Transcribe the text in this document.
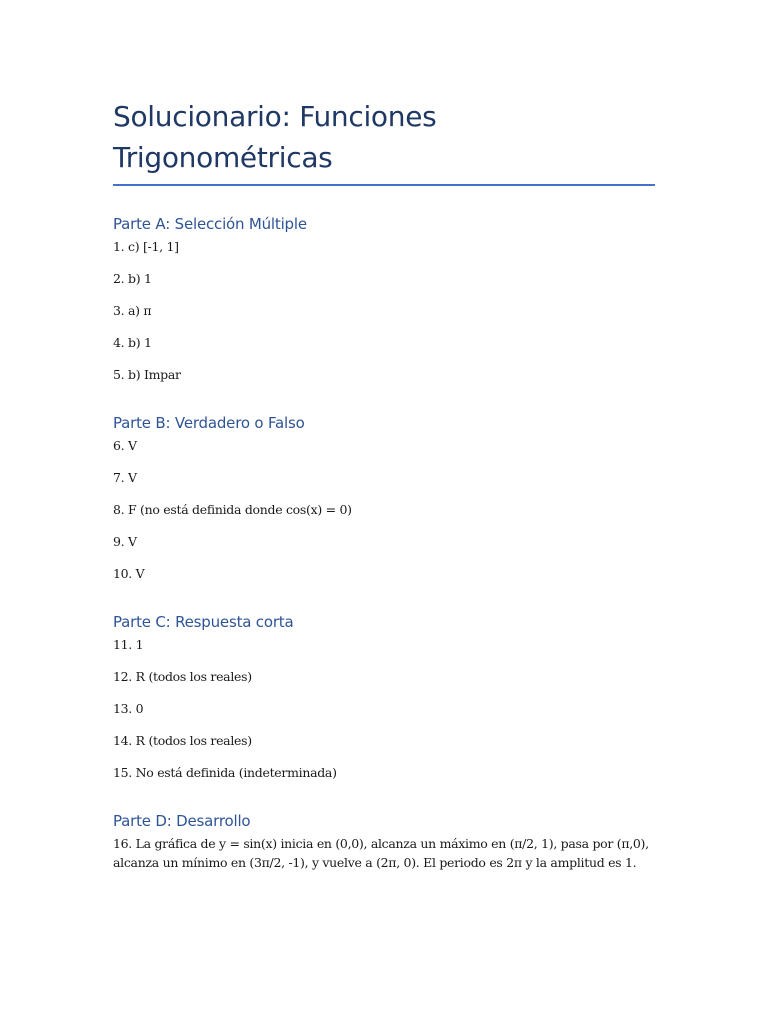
Solucionario: Funciones Trigonométricas
Parte A: Selección Múltiple
1. c) [-1, 1]
2. b) 1
3. a) π
4. b) 1
5. b) Impar
Parte B: Verdadero o Falso
6. V
7. V
8. F (no está definida donde cos(x) = 0)
9. V
10. V
Parte C: Respuesta corta
11. 1
12. R (todos los reales)
13. 0
14. R (todos los reales)
15. No está definida (indeterminada)
Parte D: Desarrollo
16. La gráfica de y = sin(x) inicia en (0,0), alcanza un máximo en (π/2, 1), pasa por (π,0), alcanza un mínimo en (3π/2, -1), y vuelve a (2π, 0). El periodo es 2π y la amplitud es 1.
